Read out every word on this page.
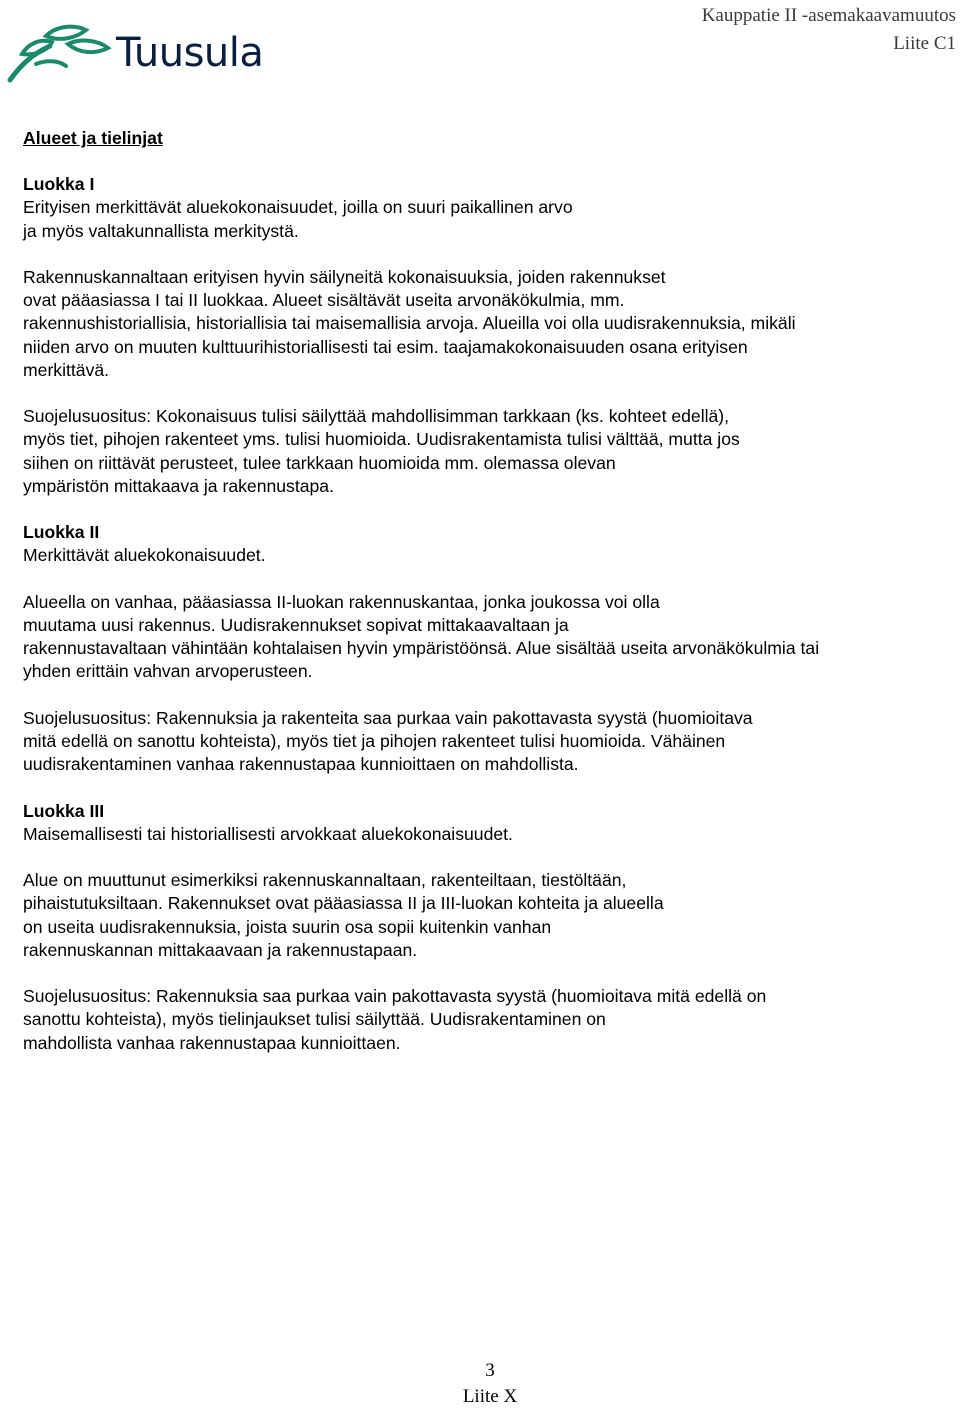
Tuusula
Kauppatie II -asemakaavamuutos
Liite C1

Alueet ja tielinjat

Luokka I

Erityisen merkittävät aluekokonaisuudet, joilla on suuri paikallinen arvo

ja myös valtakunnallista merkitystä.

Rakennuskannaltaan erityisen hyvin säilyneitä kokonaisuuksia, joiden rakennukset

ovat pääasiassa I tai II luokkaa. Alueet sisältävät useita arvonäkökulmia, mm.

rakennushistoriallisia, historiallisia tai maisemallisia arvoja. Alueilla voi olla uudisrakennuksia, mikäli

niiden arvo on muuten kulttuurihistoriallisesti tai esim. taajamakokonaisuuden osana erityisen

merkittävä.

Suojelusuositus: Kokonaisuus tulisi säilyttää mahdollisimman tarkkaan (ks. kohteet edellä),

myös tiet, pihojen rakenteet yms. tulisi huomioida. Uudisrakentamista tulisi välttää, mutta jos

siihen on riittävät perusteet, tulee tarkkaan huomioida mm. olemassa olevan

ympäristön mittakaava ja rakennustapa.

Luokka II

Merkittävät aluekokonaisuudet.

Alueella on vanhaa, pääasiassa II-luokan rakennuskantaa, jonka joukossa voi olla

muutama uusi rakennus. Uudisrakennukset sopivat mittakaavaltaan ja

rakennustavaltaan vähintään kohtalaisen hyvin ympäristöönsä. Alue sisältää useita arvonäkökulmia tai

yhden erittäin vahvan arvoperusteen.

Suojelusuositus: Rakennuksia ja rakenteita saa purkaa vain pakottavasta syystä (huomioitava

mitä edellä on sanottu kohteista), myös tiet ja pihojen rakenteet tulisi huomioida. Vähäinen

uudisrakentaminen vanhaa rakennustapaa kunnioittaen on mahdollista.

Luokka III

Maisemallisesti tai historiallisesti arvokkaat aluekokonaisuudet.

Alue on muuttunut esimerkiksi rakennuskannaltaan, rakenteiltaan, tiestöltään,

pihaistutuksiltaan. Rakennukset ovat pääasiassa II ja III-luokan kohteita ja alueella

on useita uudisrakennuksia, joista suurin osa sopii kuitenkin vanhan

rakennuskannan mittakaavaan ja rakennustapaan.

Suojelusuositus: Rakennuksia saa purkaa vain pakottavasta syystä (huomioitava mitä edellä on

sanottu kohteista), myös tielinjaukset tulisi säilyttää. Uudisrakentaminen on

mahdollista vanhaa rakennustapaa kunnioittaen.

3
Liite X
